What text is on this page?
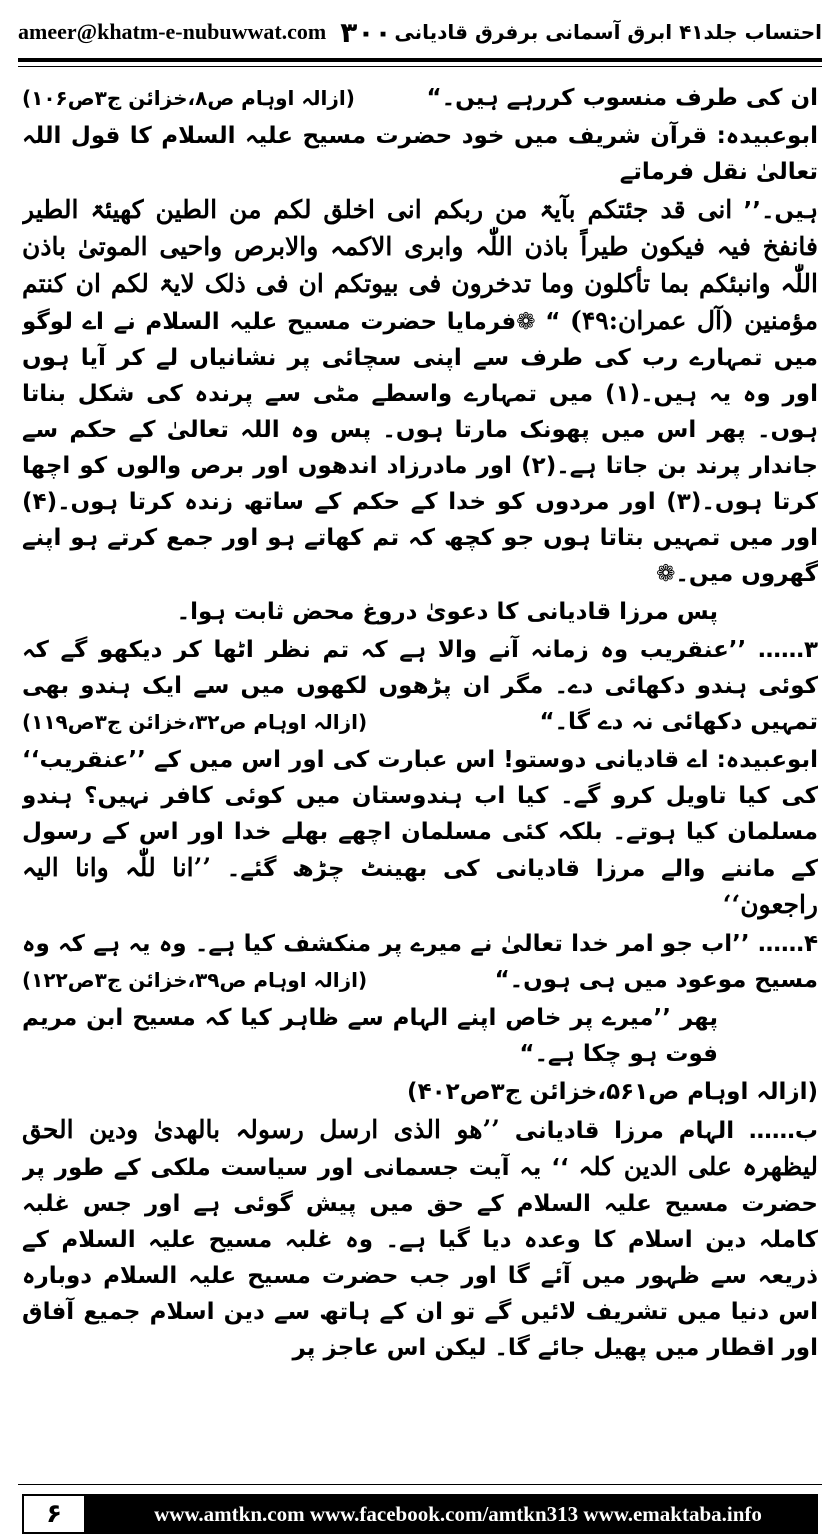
ameer@khatm-e-nubuwwat.com ۳۰۰ احتساب جلد۴۱ ابرق آسمانی برفرق قادیانی

ان کی طرف منسوب کررہے ہیں۔“
(ازالہ اوہام ص۸،خزائن ج۳ص۱۰۶)

ابوعبیدہ: قرآن شریف میں خود حضرت مسیح علیہ السلام کا قول اللہ تعالیٰ نقل فرماتے

ہیں۔’’ انی قد جئتکم بآیۃ من ربکم انی اخلق لکم من الطین کھیئۃ الطیر فانفخ فیہ فیکون طیراً باذن اللّٰہ وابری الاکمہ والابرص واحیی الموتیٰ باذن اللّٰہ وانبئکم بما تأکلون وما تدخرون فی بیوتکم ان فی ذلک لایۃ لکم ان کنتم مؤمنین (آل عمران:۴۹) “ ❁فرمایا حضرت مسیح علیہ السلام نے اے لوگو میں تمہارے رب کی طرف سے اپنی سچائی پر نشانیاں لے کر آیا ہوں اور وہ یہ ہیں۔(۱) میں تمہارے واسطے مٹی سے پرندہ کی شکل بناتا ہوں۔ پھر اس میں پھونک مارتا ہوں۔ پس وہ اللہ تعالیٰ کے حکم سے جاندار پرند بن جاتا ہے۔(۲) اور مادرزاد اندھوں اور برص والوں کو اچھا کرتا ہوں۔(۳) اور مردوں کو خدا کے حکم کے ساتھ زندہ کرتا ہوں۔(۴) اور میں تمہیں بتاتا ہوں جو کچھ کہ تم کھاتے ہو اور جمع کرتے ہو اپنے گھروں میں۔❁

پس مرزا قادیانی کا دعویٰ دروغ محض ثابت ہوا۔

۳…… ’’عنقریب وہ زمانہ آنے والا ہے کہ تم نظر اٹھا کر دیکھو گے کہ کوئی ہندو دکھائی دے۔ مگر ان پڑھوں لکھوں میں سے ایک ہندو بھی تمہیں دکھائی نہ دے گا۔“
(ازالہ اوہام ص۳۲،خزائن ج۳ص۱۱۹)

ابوعبیدہ: اے قادیانی دوستو! اس عبارت کی اور اس میں کے ’’عنقریب‘‘ کی کیا تاویل کرو گے۔ کیا اب ہندوستان میں کوئی کافر نہیں؟ ہندو مسلمان کیا ہوتے۔ بلکہ کئی مسلمان اچھے بھلے خدا اور اس کے رسول کے ماننے والے مرزا قادیانی کی بھینٹ چڑھ گئے۔ ’’انا للّٰہ وانا الیہ راجعون‘‘

۴…… ’’اب جو امر خدا تعالیٰ نے میرے پر منکشف کیا ہے۔ وہ یہ ہے کہ وہ مسیح موعود میں ہی ہوں۔“
(ازالہ اوہام ص۳۹،خزائن ج۳ص۱۲۲)

پھر ’’میرے پر خاص اپنے الہام سے ظاہر کیا کہ مسیح ابن مریم فوت ہو چکا ہے۔“

(ازالہ اوہام ص۵۶۱،خزائن ج۳ص۴۰۲)

ب…… الہام مرزا قادیانی ’’ھو الذی ارسل رسولہ بالھدیٰ ودین الحق لیظھرہ علی الدین کلہ ‘‘ یہ آیت جسمانی اور سیاست ملکی کے طور پر حضرت مسیح علیہ السلام کے حق میں پیش گوئی ہے اور جس غلبہ کاملہ دین اسلام کا وعدہ دیا گیا ہے۔ وہ غلبہ مسیح علیہ السلام کے ذریعہ سے ظہور میں آئے گا اور جب حضرت مسیح علیہ السلام دوبارہ اس دنیا میں تشریف لائیں گے تو ان کے ہاتھ سے دین اسلام جمیع آفاق اور اقطار میں پھیل جائے گا۔ لیکن اس عاجز پر

۶	www.amtkn.com www.facebook.com/amtkn313 www.emaktaba.info
